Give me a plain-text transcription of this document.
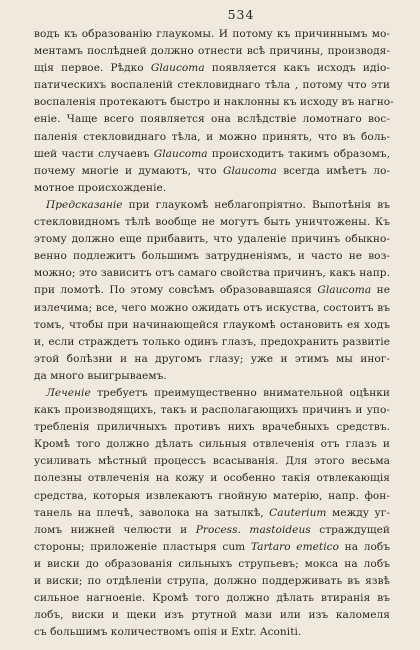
534
водъ къ образованію глаукомы. И потому къ причиннымъ мо-
ментамъ послѣдней должно отнести всѣ причины, производя-
щія первое. Рѣдко Glaucoma появляется какъ исходъ идіо-
патическихъ воспаленій стекловиднаго тѣла , потому что эти
воспаленія протекаютъ быстро и наклонны къ исходу въ нагно-
еніе. Чаще всего появляется она вслѣдствіе ломотнаго вос-
паленія стекловиднаго тѣла, и можно принять, что въ боль-
шей части случаевъ Glaucoma происходитъ такимъ образомъ,
почему многіе и думаютъ, что Glaucoma всегда имѣетъ ло-
мотное происхожденіе.
Предсказаніе при глаукомѣ неблагопріятно. Выпотѣнія въ
стекловидномъ тѣлѣ вообще не могутъ быть уничтожены. Къ
этому должно еще прибавить, что удаленіе причинъ обыкно-
венно подлежитъ большимъ затрудненіямъ, и часто не воз-
можно; это зависитъ отъ самаго свойства причинъ, какъ напр.
при ломотѣ. По этому совсѣмъ образовавшаяся Glaucoma не
излечима; все, чего можно ожидать отъ искуства, состоитъ въ
томъ, чтобы при начинающейся глаукомѣ остановить ея ходъ
и, если страждетъ только одинъ глазъ, предохранить развитіе
этой болѣзни и на другомъ глазу; уже и этимъ мы иног-
да много выигрываемъ.
Леченіе требуетъ преимущественно внимательной оцѣнки
какъ производящихъ, такъ и располагающихъ причинъ и упо-
требленія приличныхъ противъ нихъ врачебныхъ средствъ.
Кромѣ того должно дѣлать сильныя отвлеченія отъ глазъ и
усиливать мѣстный процессъ всасыванія. Для этого весьма
полезны отвлеченія на кожу и особенно такія отвлекающія
средства, которыя извлекаютъ гнойную матерію, напр. фон-
танель на плечѣ, заволока на затылкѣ, Cauterium между уг-
ломъ нижней челюсти и Process. mastoideus страждущей
стороны; приложеніе пластыря cum Tartaro emetico на лобъ
и виски до образованія сильныхъ струпьевъ; мокса на лобъ
и виски; по отдѣленіи струпа, должно поддерживать въ язвѣ
сильное нагноеніе. Кромѣ того должно дѣлать втиранія въ
лобъ, виски и щеки изъ ртутной мази или изъ каломеля
съ большимъ количествомъ опія и Extr. Aconiti.
